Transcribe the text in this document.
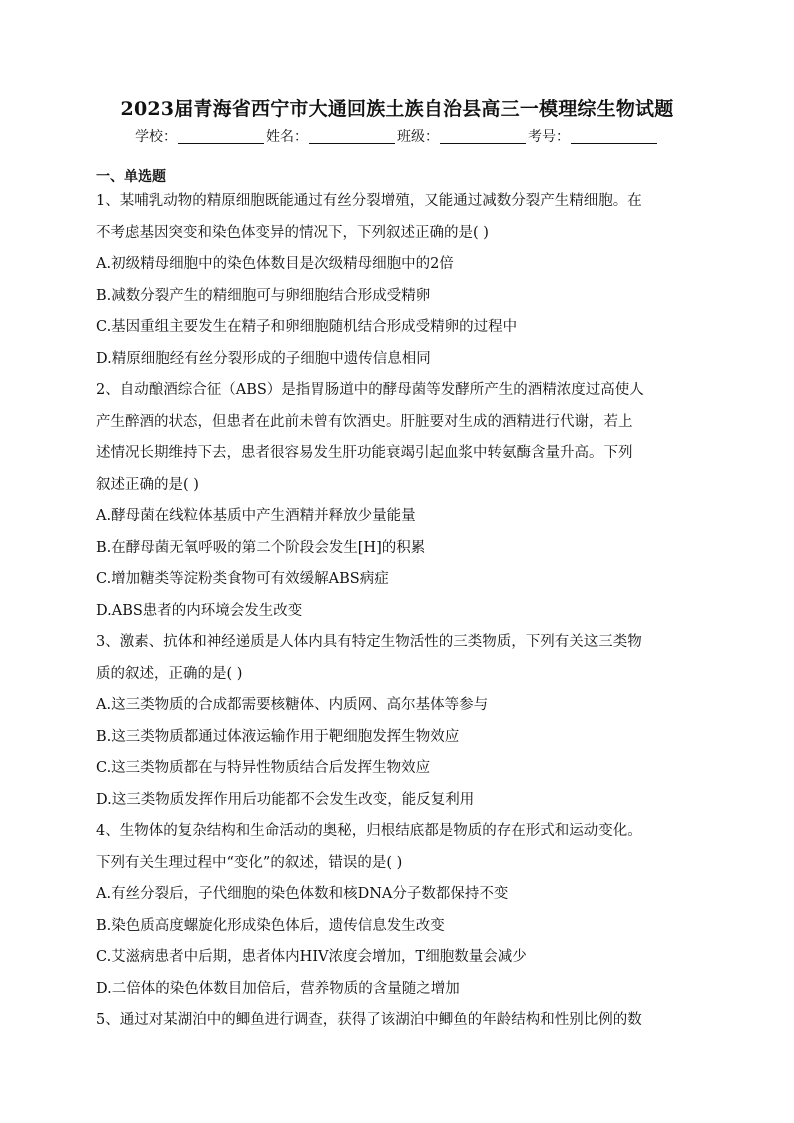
2023届青海省西宁市大通回族土族自治县高三一模理综生物试题
学校：	姓名：	班级：	考号：
一、单选题
1、某哺乳动物的精原细胞既能通过有丝分裂增殖，又能通过减数分裂产生精细胞。在
不考虑基因突变和染色体变异的情况下，下列叙述正确的是( )
A.初级精母细胞中的染色体数目是次级精母细胞中的2倍
B.减数分裂产生的精细胞可与卵细胞结合形成受精卵
C.基因重组主要发生在精子和卵细胞随机结合形成受精卵的过程中
D.精原细胞经有丝分裂形成的子细胞中遗传信息相同
2、自动酿酒综合征（ABS）是指胃肠道中的酵母菌等发酵所产生的酒精浓度过高使人
产生醉酒的状态，但患者在此前未曾有饮酒史。肝脏要对生成的酒精进行代谢，若上
述情况长期维持下去，患者很容易发生肝功能衰竭引起血浆中转氨酶含量升高。下列
叙述正确的是( )
A.酵母菌在线粒体基质中产生酒精并释放少量能量
B.在酵母菌无氧呼吸的第二个阶段会发生[H]的积累
C.增加糖类等淀粉类食物可有效缓解ABS病症
D.ABS患者的内环境会发生改变
3、激素、抗体和神经递质是人体内具有特定生物活性的三类物质，下列有关这三类物
质的叙述，正确的是( )
A.这三类物质的合成都需要核糖体、内质网、高尔基体等参与
B.这三类物质都通过体液运输作用于靶细胞发挥生物效应
C.这三类物质都在与特异性物质结合后发挥生物效应
D.这三类物质发挥作用后功能都不会发生改变，能反复利用
4、生物体的复杂结构和生命活动的奥秘，归根结底都是物质的存在形式和运动变化。
下列有关生理过程中“变化”的叙述，错误的是( )
A.有丝分裂后，子代细胞的染色体数和核DNA分子数都保持不变
B.染色质高度螺旋化形成染色体后，遗传信息发生改变
C.艾滋病患者中后期，患者体内HIV浓度会增加，T细胞数量会减少
D.二倍体的染色体数目加倍后，营养物质的含量随之增加
5、通过对某湖泊中的鲫鱼进行调查，获得了该湖泊中鲫鱼的年龄结构和性别比例的数
